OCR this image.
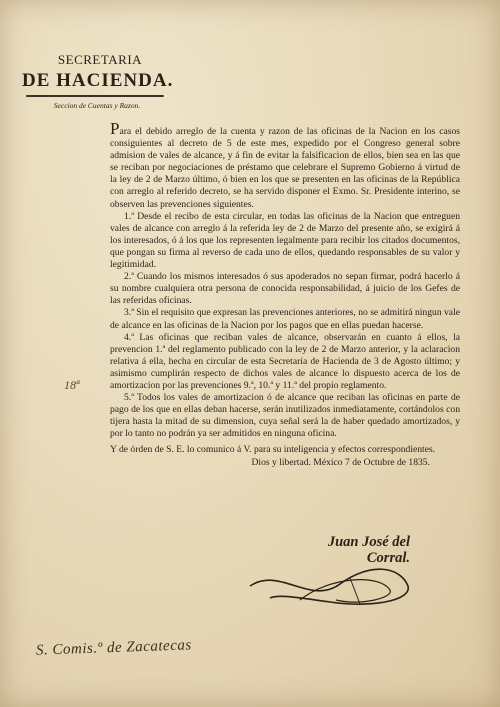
SECRETARIA
DE HACIENDA.
Seccion de Cuentas y Razon.

Para el debido arreglo de la cuenta y razon de las oficinas de la Nacion en los casos consiguientes al decreto de 5 de este mes, expedido por el Congreso general sobre admision de vales de alcance, y á fin de evitar la falsificacion de ellos, bien sea en las que se reciban por negociaciones de préstamo que celebrare el Supremo Gobierno á virtud de la ley de 2 de Marzo último, ó bien en los que se presenten en las oficinas de la República con arreglo al referido decreto, se ha servido disponer el Exmo. Sr. Presidente interino, se observen las prevenciones siguientes.

1.ª Desde el recibo de esta circular, en todas las oficinas de la Nacion que entreguen vales de alcance con arreglo á la referida ley de 2 de Marzo del presente año, se exigirá á los interesados, ó á los que los representen legalmente para recibir los citados documentos, que pongan su firma al reverso de cada uno de ellos, quedando responsables de su valor y legitimidad.

2.ª Cuando los mismos interesados ó sus apoderados no sepan firmar, podrá hacerlo á su nombre cualquiera otra persona de conocida responsabilidad, á juicio de los Gefes de las referidas oficinas.

3.ª Sin el requisito que expresan las prevenciones anteriores, no se admitirá ningun vale de alcance en las oficinas de la Nacion por los pagos que en ellas puedan hacerse.

4.ª Las oficinas que reciban vales de alcance, observarán en cuanto á ellos, la prevencion 1.ª del reglamento publicado con la ley de 2 de Marzo anterior, y la aclaracion relativa á ella, hecha en circular de esta Secretaría de Hacienda de 3 de Agosto último; y asimismo cumplirán respecto de dichos vales de alcance lo dispuesto acerca de los de amortizacion por las prevenciones 9.ª, 10.ª y 11.ª del propio reglamento.

5.ª Todos los vales de amortizacion ó de alcance que reciban las oficinas en parte de pago de los que en ellas deban hacerse, serán inutilizados inmediatamente, cortándolos con tijera hasta la mitad de su dimension, cuya señal será la de haber quedado amortizados, y por lo tanto no podrán ya ser admitidos en ninguna oficina.

Y de órden de S. E. lo comunico á V. para su inteligencia y efectos correspondientes.

Dios y libertad. México 7 de Octubre de 1835.

18ª
Juan José del
Corral.
S. Comis.º de Zacatecas
